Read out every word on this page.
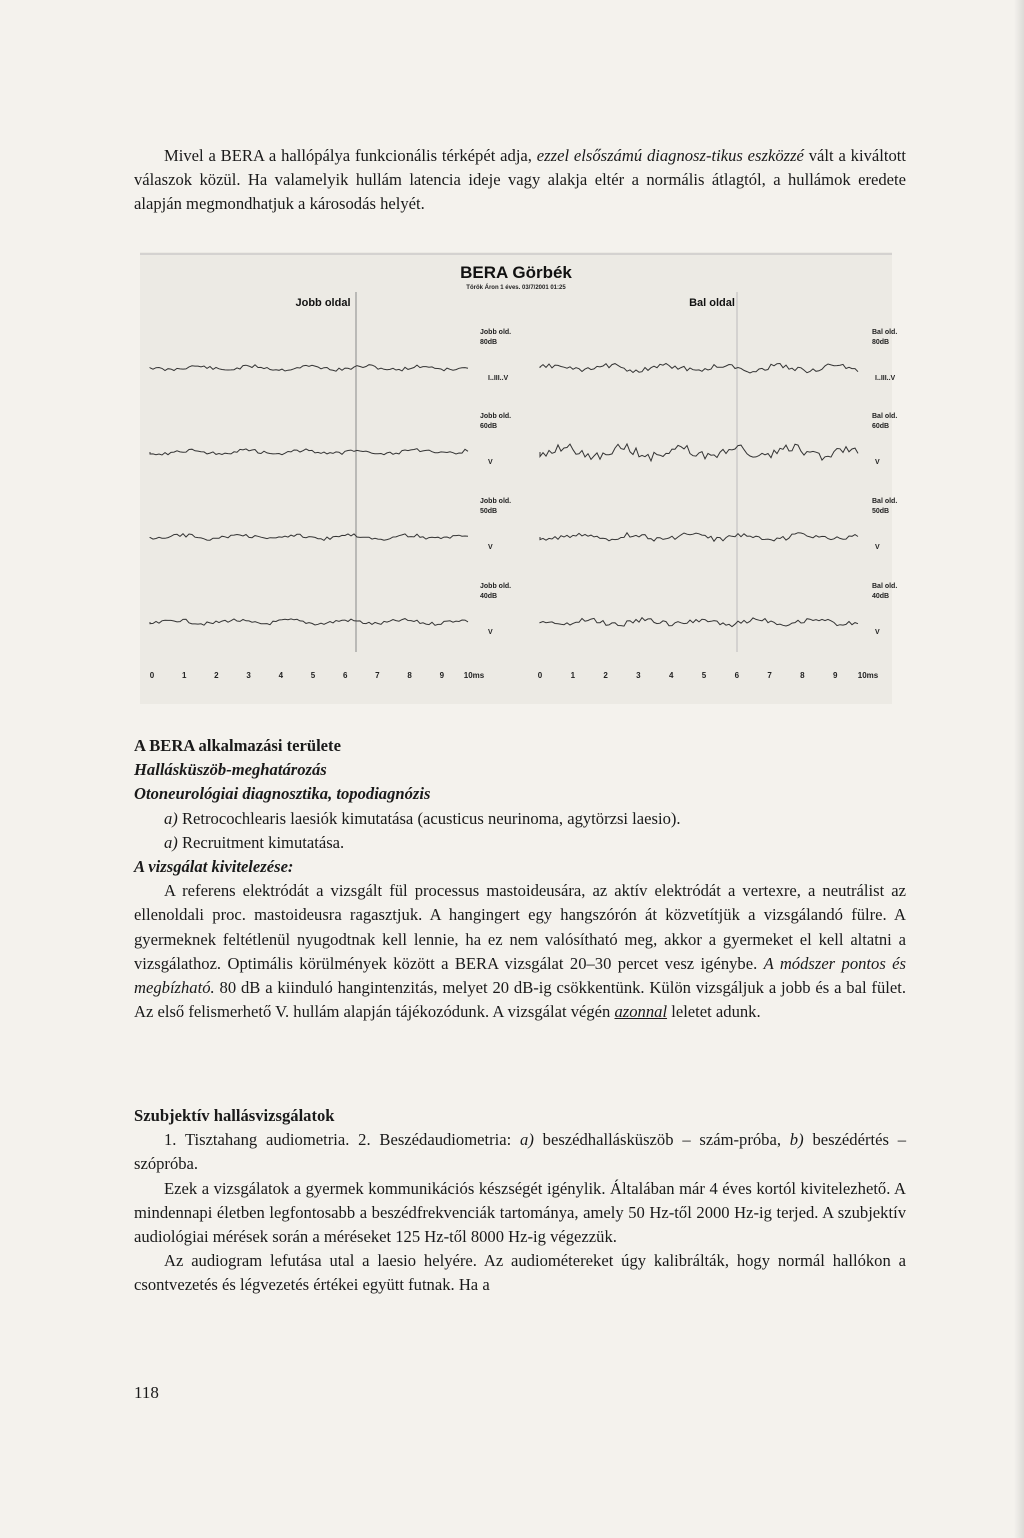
Mivel a BERA a hallópálya funkcionális térképét adja, ezzel elsőszámú diagnosz-tikus eszközzé vált a kiváltott válaszok közül. Ha valamelyik hullám latencia ideje vagy alakja eltér a normális átlagtól, a hullámok eredete alapján megmondhatjuk a károsodás helyét.

BERA Görbék
Török Áron 1 éves. 03/7/2001 01:25
Jobb oldal	Bal oldal
Jobb old.
80dB
I..III..V
Jobb old.
60dB
V
Jobb old.
50dB
V
Jobb old.
40dB
V
Bal old.
80dB
I..III..V
Bal old.
60dB
V
Bal old.
50dB
V
Bal old.
40dB
V
0	1	2	3	4	5	6	7	8	9 10ms	0	1	2	3	4	5	6	7	8	9	10ms

A BERA alkalmazási területe

Hallásküszöb-meghatározás

Otoneurológiai diagnosztika, topodiagnózis

a) Retrocochlearis laesiók kimutatása (acusticus neurinoma, agytörzsi laesio).

a) Recruitment kimutatása.

A vizsgálat kivitelezése:

A referens elektródát a vizsgált fül processus mastoideusára, az aktív elektródát a vertexre, a neutrálist az ellenoldali proc. mastoideusra ragasztjuk. A hangingert egy hangszórón át közvetítjük a vizsgálandó fülre. A gyermeknek feltétlenül nyugodtnak kell lennie, ha ez nem valósítható meg, akkor a gyermeket el kell altatni a vizsgálathoz. Optimális körülmények között a BERA vizsgálat 20–30 percet vesz igénybe. A módszer pontos és megbízható. 80 dB a kiinduló hangintenzitás, melyet 20 dB-ig csökkentünk. Külön vizsgáljuk a jobb és a bal fület. Az első felismerhető V. hullám alapján tájékozódunk. A vizsgálat végén azonnal leletet adunk.

Szubjektív hallásvizsgálatok

1. Tisztahang audiometria. 2. Beszédaudiometria: a) beszédhallásküszöb – szám-próba, b) beszédértés – szópróba.

Ezek a vizsgálatok a gyermek kommunikációs készségét igénylik. Általában már 4 éves kortól kivitelezhető. A mindennapi életben legfontosabb a beszédfrekvenciák tartománya, amely 50 Hz-től 2000 Hz-ig terjed. A szubjektív audiológiai mérések során a méréseket 125 Hz-től 8000 Hz-ig végezzük.

Az audiogram lefutása utal a laesio helyére. Az audiométereket úgy kalibrálták, hogy normál hallókon a csontvezetés és légvezetés értékei együtt futnak. Ha a

118
